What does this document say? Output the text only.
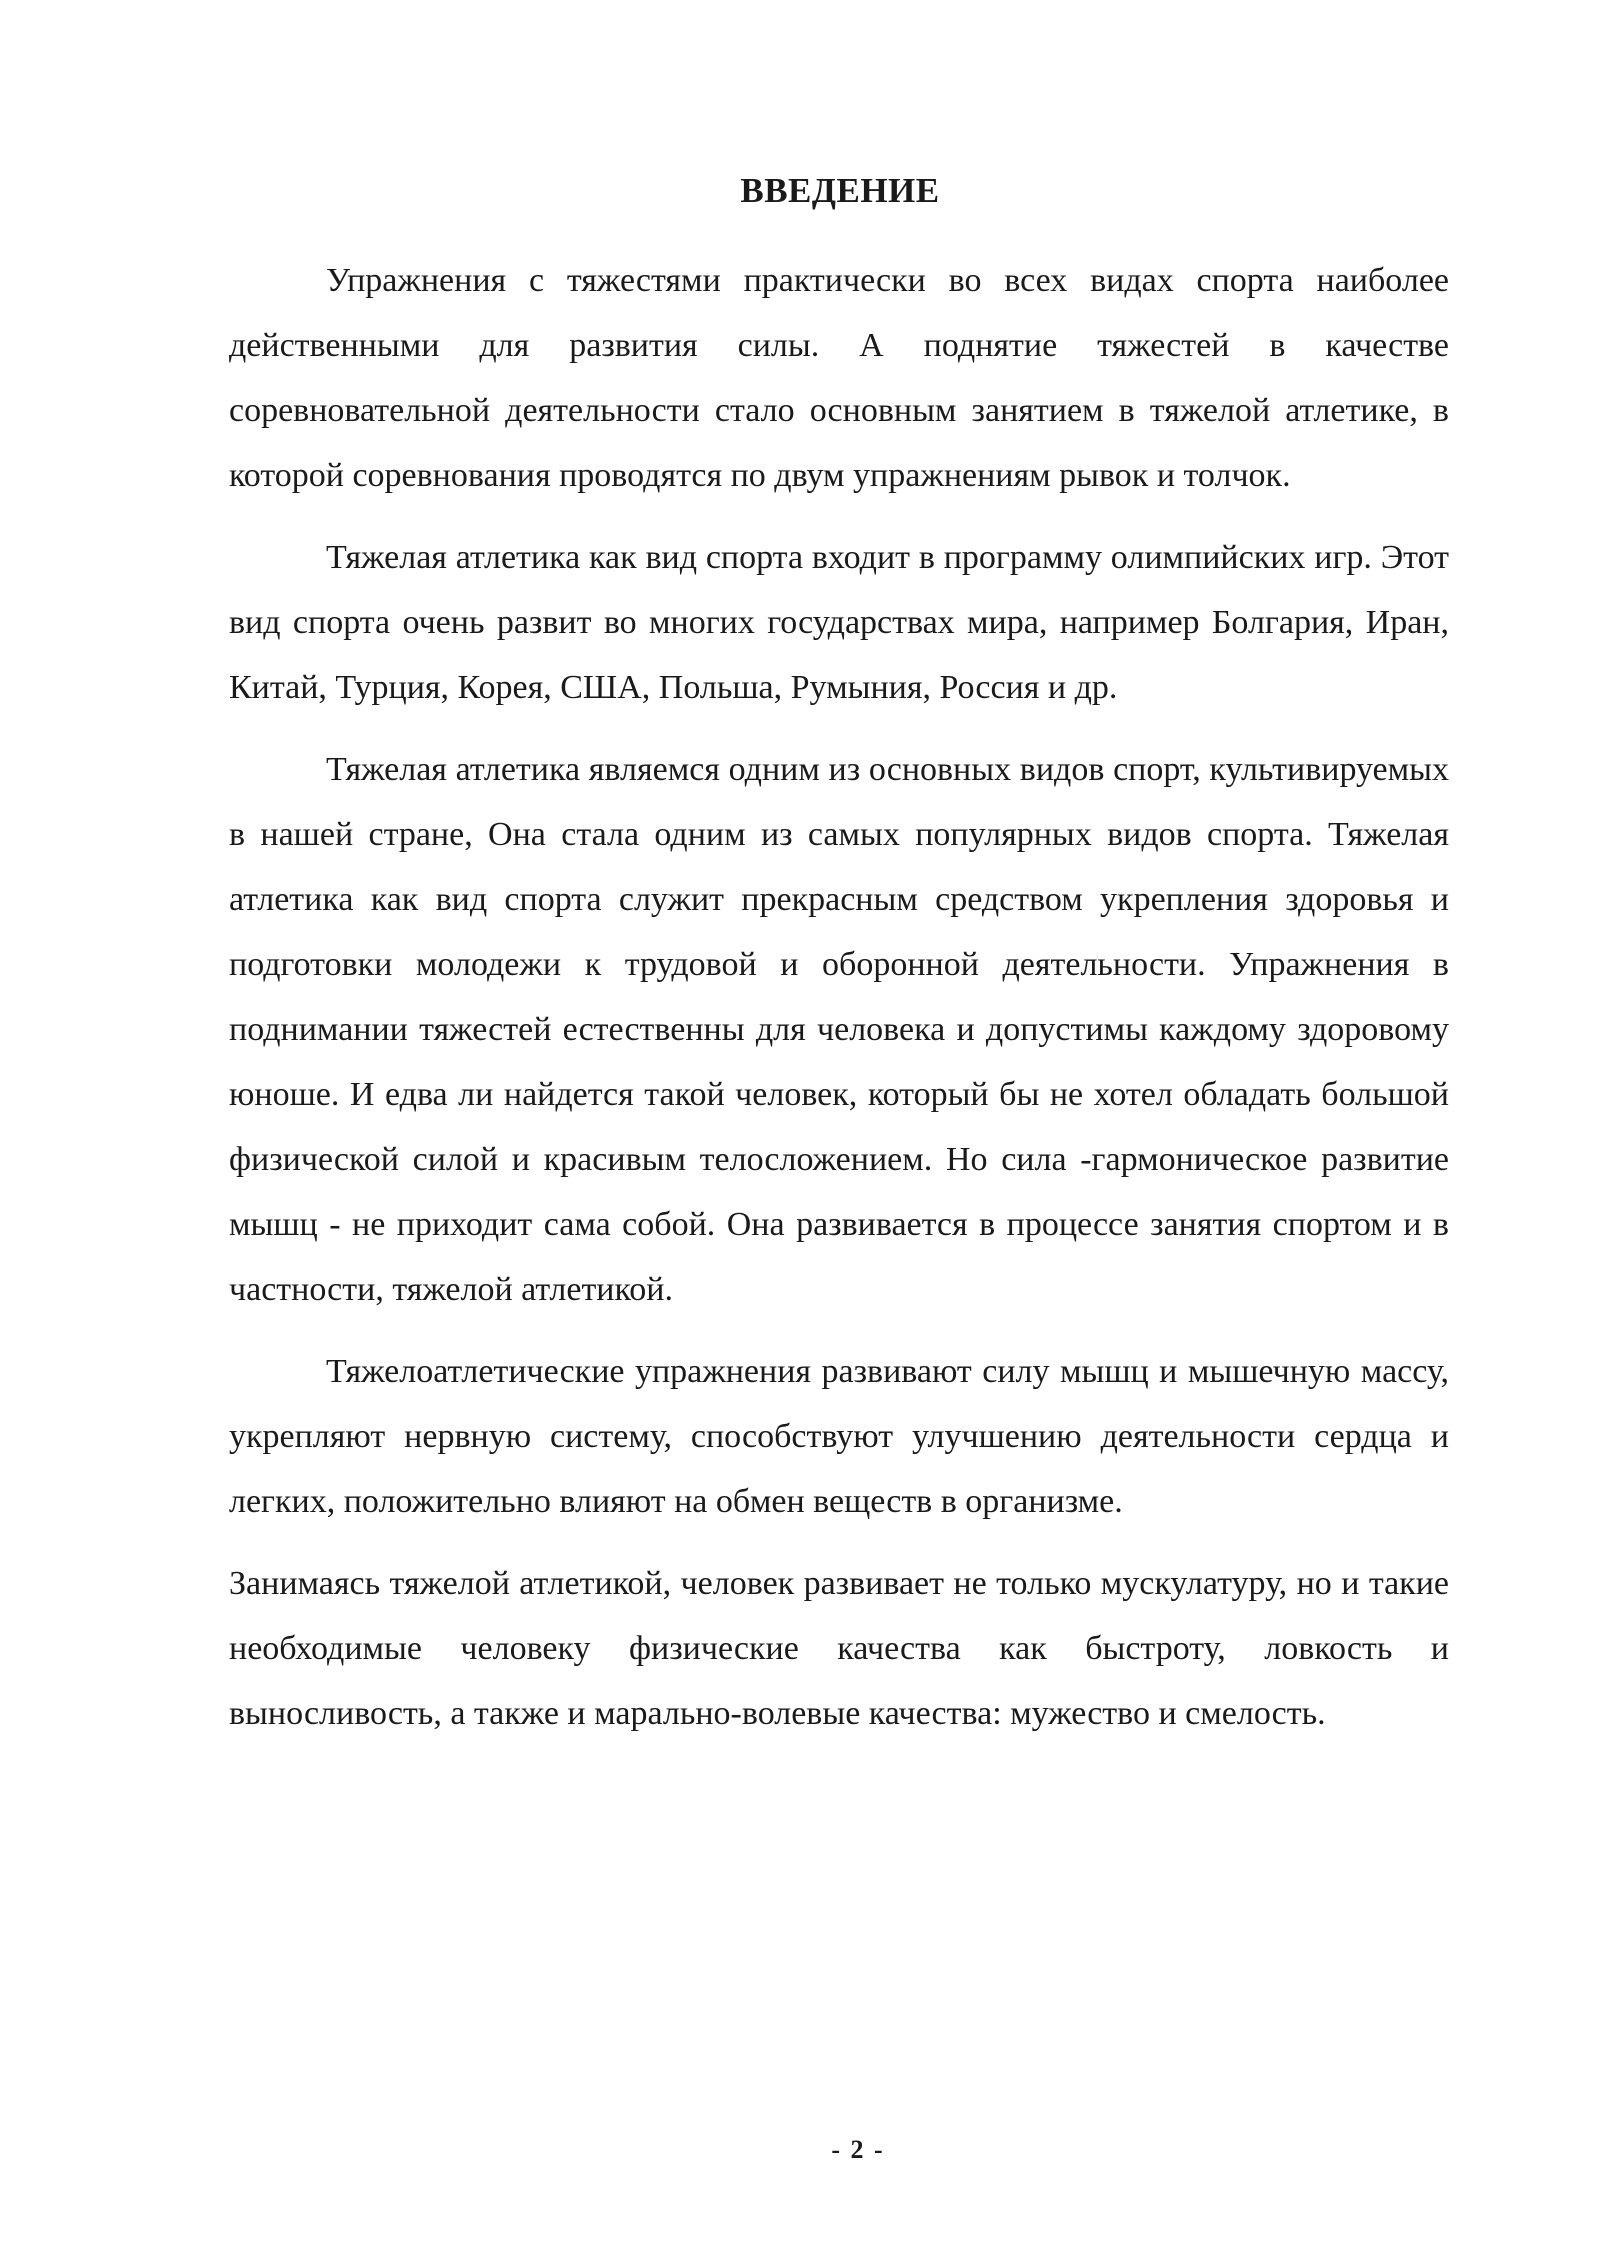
ВВЕДЕНИЕ

Упражнения с тяжестями практически во всех видах спорта наиболее действенными для развития силы. А поднятие тяжестей в качестве соревновательной деятельности стало основным занятием в тяжелой атлетике, в которой соревнования проводятся по двум упражнениям рывок и толчок.

Тяжелая атлетика как вид спорта входит в программу олимпийских игр. Этот вид спорта очень развит во многих государствах мира, например Болгария, Иран, Китай, Турция, Корея, США, Польша, Румыния, Россия и др.

Тяжелая атлетика являемся одним из основных видов спорт, культивируемых в нашей стране, Она стала одним из самых популярных видов спорта. Тяжелая атлетика как вид спорта служит прекрасным средством укрепления здоровья и подготовки молодежи к трудовой и оборонной деятельности. Упражнения в поднимании тяжестей естественны для человека и допустимы каждому здоровому юноше. И едва ли найдется такой человек, который бы не хотел обладать большой физической силой и красивым телосложением. Но сила -гармоническое развитие мышц - не приходит сама собой. Она развивается в процессе занятия спортом и в частности, тяжелой атлетикой.

Тяжелоатлетические упражнения развивают силу мышц и мышечную массу, укрепляют нервную систему, способствуют улучшению деятельности сердца и легких, положительно влияют на обмен веществ в организме.

Занимаясь тяжелой атлетикой, человек развивает не только мускулатуру, но и такие необходимые человеку физические качества как быстроту, ловкость и выносливость, а также и марально-волевые качества: мужество и смелость.

- 2 -
